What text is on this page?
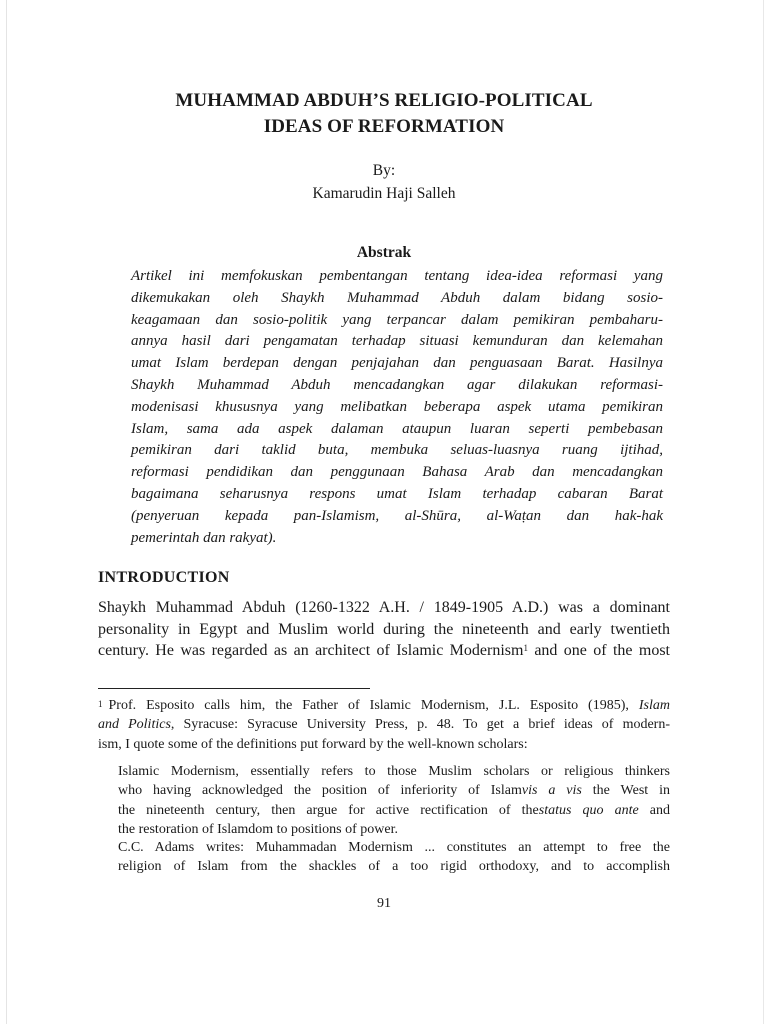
MUHAMMAD ABDUH’S RELIGIO-POLITICAL
IDEAS OF REFORMATION
By:
Kamarudin Haji Salleh
Abstrak
Artikel ini memfokuskan pembentangan tentang idea-idea reformasi yang
dikemukakan oleh Shaykh Muhammad Abduh dalam bidang sosio-
keagamaan dan sosio-politik yang terpancar dalam pemikiran pembaharu-
annya hasil dari pengamatan terhadap situasi kemunduran dan kelemahan
umat Islam berdepan dengan penjajahan dan penguasaan Barat. Hasilnya
Shaykh Muhammad Abduh mencadangkan agar dilakukan reformasi-
modenisasi khususnya yang melibatkan beberapa aspek utama pemikiran
Islam, sama ada aspek dalaman ataupun luaran seperti pembebasan
pemikiran dari taklid buta, membuka seluas-luasnya ruang ijtihad,
reformasi pendidikan dan penggunaan Bahasa Arab dan mencadangkan
bagaimana seharusnya respons umat Islam terhadap cabaran Barat
(penyeruan kepada pan-Islamism, al-Shūra, al-Waṭan dan hak-hak
pemerintah dan rakyat).
INTRODUCTION
Shaykh Muhammad Abduh (1260-1322 A.H. / 1849-1905 A.D.) was a dominant
personality in Egypt and Muslim world during the nineteenth and early twentieth
century. He was regarded as an architect of Islamic Modernism$^1$ and one of the most
$^1$ Prof. Esposito calls him, the Father of Islamic Modernism, J.L. Esposito (1985), Islam
and Politics, Syracuse: Syracuse University Press, p. 48. To get a brief ideas of modern-
ism, I quote some of the definitions put forward by the well-known scholars:
Islamic Modernism, essentially refers to those Muslim scholars or religious thinkers
who having acknowledged the position of inferiority of Islamvis a vis the West in
the nineteenth century, then argue for active rectification of thestatus quo ante and
the restoration of Islamdom to positions of power.
C.C. Adams writes: Muhammadan Modernism ... constitutes an attempt to free the
religion of Islam from the shackles of a too rigid orthodoxy, and to accomplish
91
